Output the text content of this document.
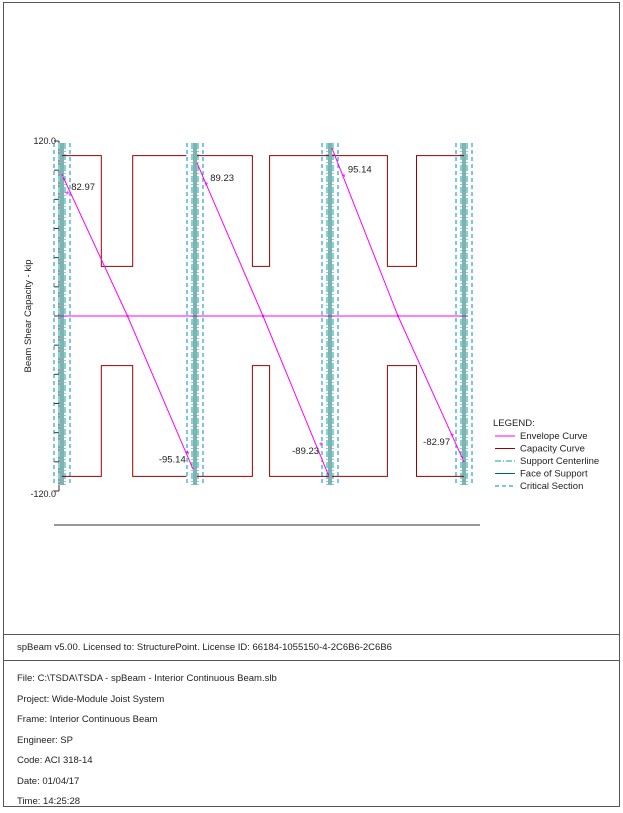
120.0
-120.0
Beam Shear Capacity - kip
*
82.97
*
-95.14
*
89.23
*
-89.23
*
95.14
*
-82.97
LEGEND:
Envelope Curve
Capacity Curve
Support Centerline
Face of Support
Critical Section
spBeam v5.00. Licensed to: StructurePoint. License ID: 66184-1055150-4-2C6B6-2C6B6
File: C:\TSDA\TSDA - spBeam - Interior Continuous Beam.slb
Project: Wide-Module Joist System
Frame: Interior Continuous Beam
Engineer: SP
Code: ACI 318-14
Date: 01/04/17
Time: 14:25:28
